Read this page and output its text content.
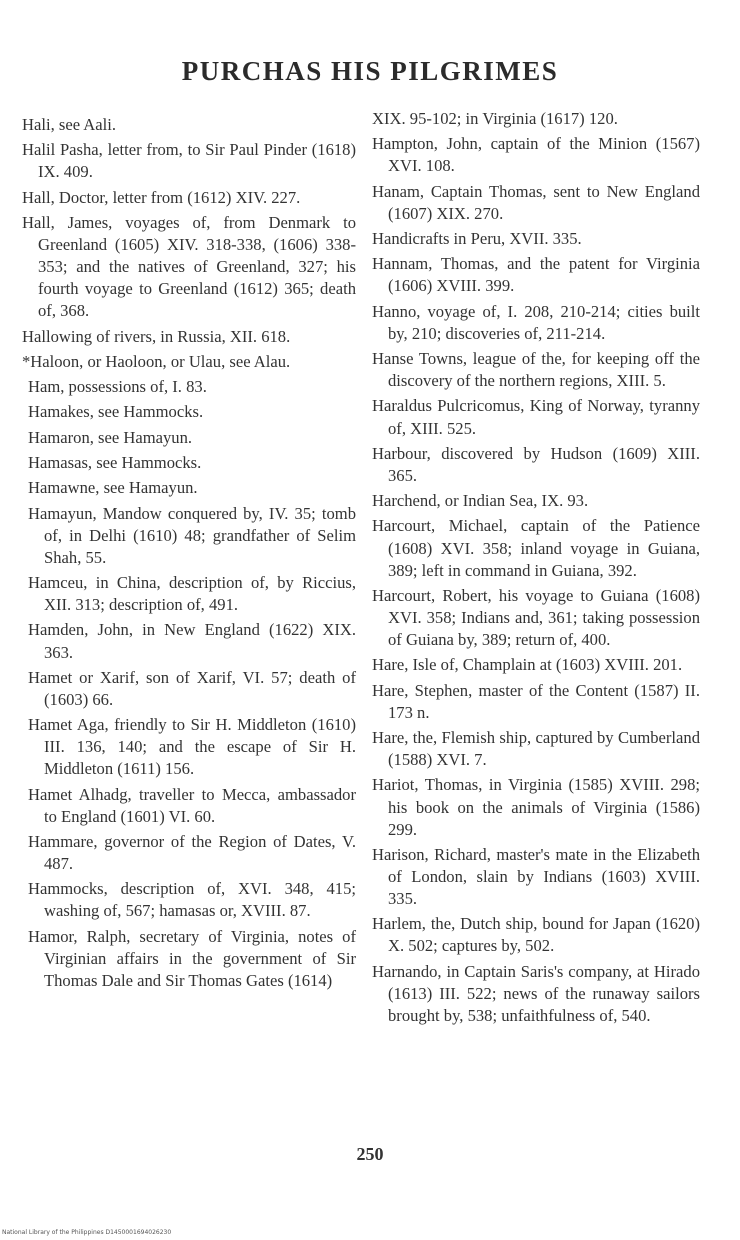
PURCHAS HIS PILGRIMES

Hali, see Aali.

Halil Pasha, letter from, to Sir Paul Pinder (1618) IX. 409.

Hall, Doctor, letter from (1612) XIV. 227.

Hall, James, voyages of, from Denmark to Greenland (1605) XIV. 318-338, (1606) 338-353; and the natives of Greenland, 327; his fourth voyage to Greenland (1612) 365; death of, 368.

Hallowing of rivers, in Russia, XII. 618.

*Haloon, or Haoloon, or Ulau, see Alau.

Ham, possessions of, I. 83.

Hamakes, see Hammocks.

Hamaron, see Hamayun.

Hamasas, see Hammocks.

Hamawne, see Hamayun.

Hamayun, Mandow conquered by, IV. 35; tomb of, in Delhi (1610) 48; grandfather of Selim Shah, 55.

Hamceu, in China, description of, by Riccius, XII. 313; description of, 491.

Hamden, John, in New England (1622) XIX. 363.

Hamet or Xarif, son of Xarif, VI. 57; death of (1603) 66.

Hamet Aga, friendly to Sir H. Middleton (1610) III. 136, 140; and the escape of Sir H. Middleton (1611) 156.

Hamet Alhadg, traveller to Mecca, ambassador to England (1601) VI. 60.

Hammare, governor of the Region of Dates, V. 487.

Hammocks, description of, XVI. 348, 415; washing of, 567; hamasas or, XVIII. 87.

Hamor, Ralph, secretary of Virginia, notes of Virginian affairs in the government of Sir Thomas Dale and Sir Thomas Gates (1614)

XIX. 95-102; in Virginia (1617) 120.

Hampton, John, captain of the Minion (1567) XVI. 108.

Hanam, Captain Thomas, sent to New England (1607) XIX. 270.

Handicrafts in Peru, XVII. 335.

Hannam, Thomas, and the patent for Virginia (1606) XVIII. 399.

Hanno, voyage of, I. 208, 210-214; cities built by, 210; discoveries of, 211-214.

Hanse Towns, league of the, for keeping off the discovery of the northern regions, XIII. 5.

Haraldus Pulcricomus, King of Norway, tyranny of, XIII. 525.

Harbour, discovered by Hudson (1609) XIII. 365.

Harchend, or Indian Sea, IX. 93.

Harcourt, Michael, captain of the Patience (1608) XVI. 358; inland voyage in Guiana, 389; left in command in Guiana, 392.

Harcourt, Robert, his voyage to Guiana (1608) XVI. 358; Indians and, 361; taking possession of Guiana by, 389; return of, 400.

Hare, Isle of, Champlain at (1603) XVIII. 201.

Hare, Stephen, master of the Content (1587) II. 173 n.

Hare, the, Flemish ship, captured by Cumberland (1588) XVI. 7.

Hariot, Thomas, in Virginia (1585) XVIII. 298; his book on the animals of Virginia (1586) 299.

Harison, Richard, master's mate in the Elizabeth of London, slain by Indians (1603) XVIII. 335.

Harlem, the, Dutch ship, bound for Japan (1620) X. 502; captures by, 502.

Harnando, in Captain Saris's company, at Hirado (1613) III. 522; news of the runaway sailors brought by, 538; unfaithfulness of, 540.

250
National Library of the Philippines D1450001694026230
